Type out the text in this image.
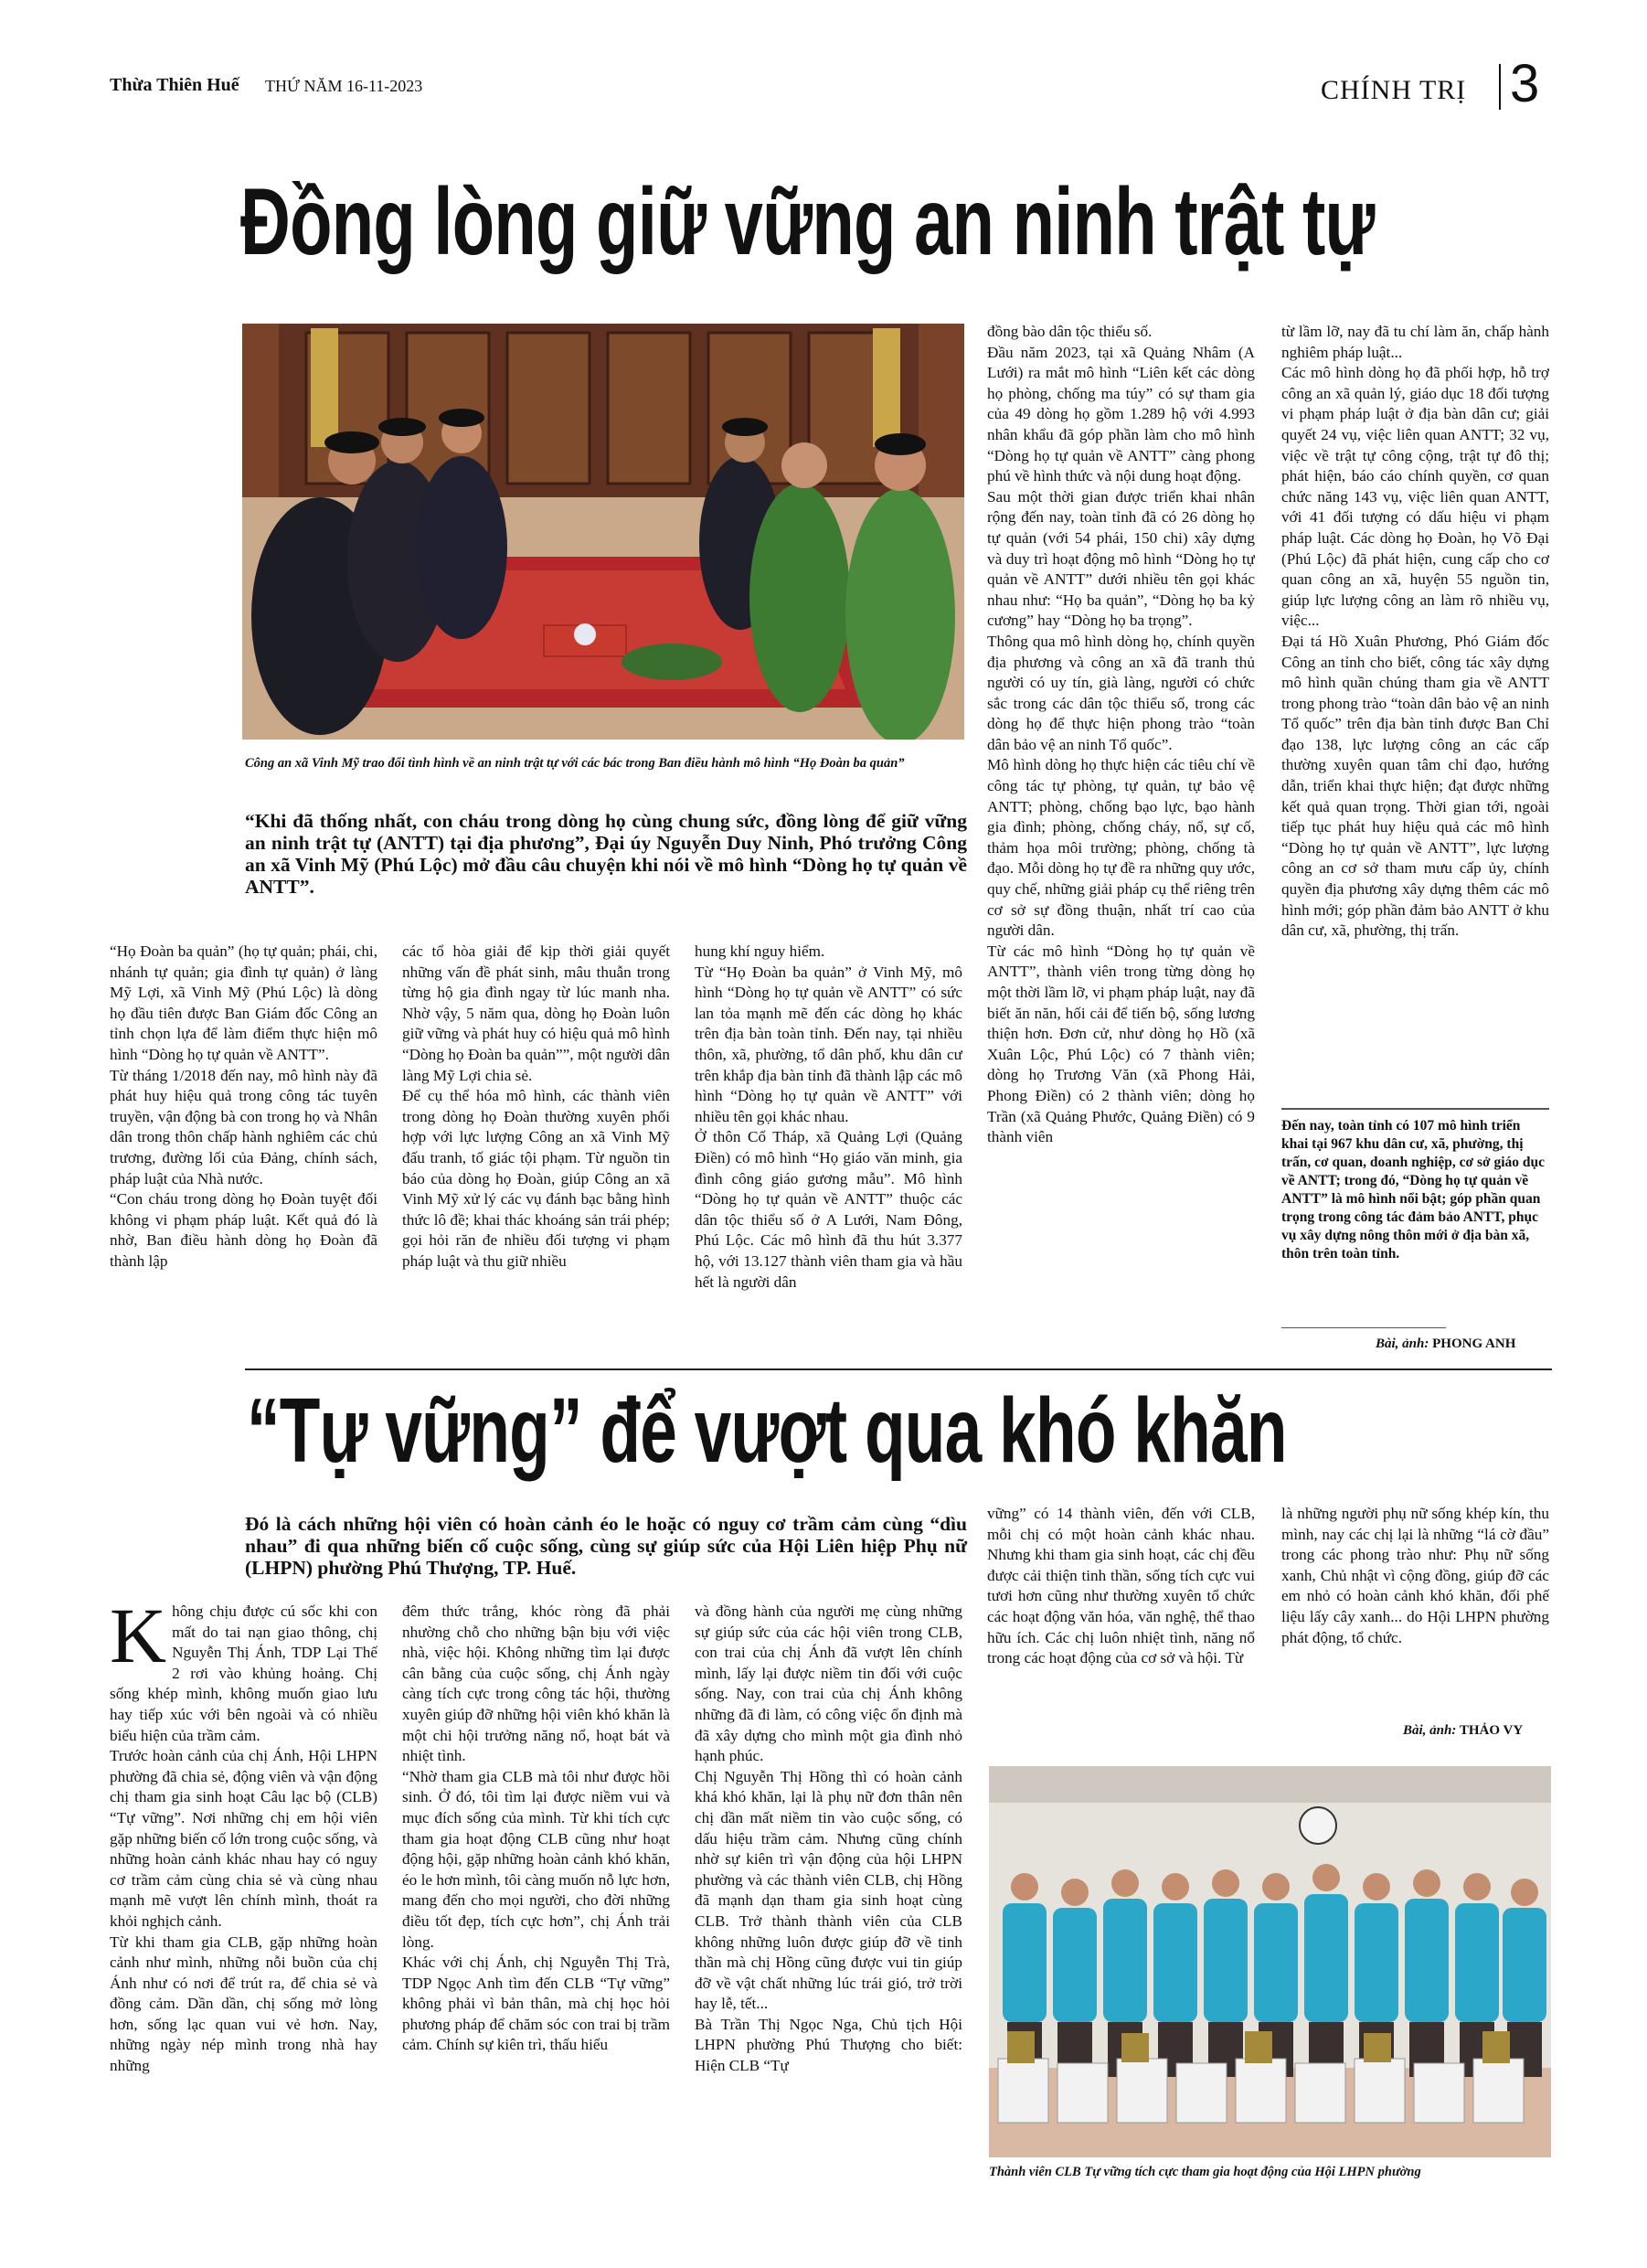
Thừa Thiên Huế THỨ NĂM 16-11-2023	CHÍNH TRỊ 3
Đồng lòng giữ vững an ninh trật tự
Công an xã Vinh Mỹ trao đổi tình hình về an ninh trật tự với các bác trong Ban điều hành mô hình “Họ Đoàn ba quản”
“Khi đã thống nhất, con cháu trong dòng họ cùng chung sức, đồng lòng để giữ vững an ninh trật tự (ANTT) tại địa phương”, Đại úy Nguyễn Duy Ninh, Phó trưởng Công an xã Vinh Mỹ (Phú Lộc) mở đầu câu chuyện khi nói về mô hình “Dòng họ tự quản về ANTT”.
“Họ Đoàn ba quản” (họ tự quản; phái, chi, nhánh tự quản; gia đình tự quản) ở làng Mỹ Lợi, xã Vinh Mỹ (Phú Lộc) là dòng họ đầu tiên được Ban Giám đốc Công an tỉnh chọn lựa để làm điểm thực hiện mô hình “Dòng họ tự quản về ANTT”.
Từ tháng 1/2018 đến nay, mô hình này đã phát huy hiệu quả trong công tác tuyên truyền, vận động bà con trong họ và Nhân dân trong thôn chấp hành nghiêm các chủ trương, đường lối của Đảng, chính sách, pháp luật của Nhà nước.
“Con cháu trong dòng họ Đoàn tuyệt đối không vi phạm pháp luật. Kết quả đó là nhờ, Ban điều hành dòng họ Đoàn đã thành lập
các tổ hòa giải để kịp thời giải quyết những vấn đề phát sinh, mâu thuẫn trong từng hộ gia đình ngay từ lúc manh nha. Nhờ vậy, 5 năm qua, dòng họ Đoàn luôn giữ vững và phát huy có hiệu quả mô hình “Dòng họ Đoàn ba quản””, một người dân làng Mỹ Lợi chia sẻ.
Để cụ thể hóa mô hình, các thành viên trong dòng họ Đoàn thường xuyên phối hợp với lực lượng Công an xã Vinh Mỹ đấu tranh, tố giác tội phạm. Từ nguồn tin báo của dòng họ Đoàn, giúp Công an xã Vinh Mỹ xử lý các vụ đánh bạc bằng hình thức lô đề; khai thác khoáng sản trái phép; gọi hỏi răn đe nhiều đối tượng vi phạm pháp luật và thu giữ nhiều
hung khí nguy hiểm.
Từ “Họ Đoàn ba quản” ở Vinh Mỹ, mô hình “Dòng họ tự quản về ANTT” có sức lan tỏa mạnh mẽ đến các dòng họ khác trên địa bàn toàn tỉnh. Đến nay, tại nhiều thôn, xã, phường, tổ dân phố, khu dân cư trên khắp địa bàn tỉnh đã thành lập các mô hình “Dòng họ tự quản về ANTT” với nhiều tên gọi khác nhau.
Ở thôn Cổ Tháp, xã Quảng Lợi (Quảng Điền) có mô hình “Họ giáo văn minh, gia đình công giáo gương mẫu”. Mô hình “Dòng họ tự quản về ANTT” thuộc các dân tộc thiểu số ở A Lưới, Nam Đông, Phú Lộc. Các mô hình đã thu hút 3.377 hộ, với 13.127 thành viên tham gia và hầu hết là người dân
đồng bào dân tộc thiểu số.
Đầu năm 2023, tại xã Quảng Nhâm (A Lưới) ra mắt mô hình “Liên kết các dòng họ phòng, chống ma túy” có sự tham gia của 49 dòng họ gồm 1.289 hộ với 4.993 nhân khẩu đã góp phần làm cho mô hình “Dòng họ tự quản về ANTT” càng phong phú về hình thức và nội dung hoạt động.
Sau một thời gian được triển khai nhân rộng đến nay, toàn tỉnh đã có 26 dòng họ tự quản (với 54 phái, 150 chi) xây dựng và duy trì hoạt động mô hình “Dòng họ tự quản về ANTT” dưới nhiều tên gọi khác nhau như: “Họ ba quản”, “Dòng họ ba kỷ cương” hay “Dòng họ ba trọng”.
Thông qua mô hình dòng họ, chính quyền địa phương và công an xã đã tranh thủ người có uy tín, già làng, người có chức sắc trong các dân tộc thiểu số, trong các dòng họ để thực hiện phong trào “toàn dân bảo vệ an ninh Tổ quốc”.
Mô hình dòng họ thực hiện các tiêu chí về công tác tự phòng, tự quản, tự bảo vệ ANTT; phòng, chống bạo lực, bạo hành gia đình; phòng, chống cháy, nổ, sự cố, thảm họa môi trường; phòng, chống tà đạo. Mỗi dòng họ tự đề ra những quy ước, quy chế, những giải pháp cụ thể riêng trên cơ sở sự đồng thuận, nhất trí cao của người dân.
Từ các mô hình “Dòng họ tự quản về ANTT”, thành viên trong từng dòng họ một thời lầm lỡ, vi phạm pháp luật, nay đã biết ăn năn, hối cải để tiến bộ, sống lương thiện hơn. Đơn cử, như dòng họ Hồ (xã Xuân Lộc, Phú Lộc) có 7 thành viên; dòng họ Trương Văn (xã Phong Hải, Phong Điền) có 2 thành viên; dòng họ Trần (xã Quảng Phước, Quảng Điền) có 9 thành viên
từ lầm lỡ, nay đã tu chí làm ăn, chấp hành nghiêm pháp luật...
Các mô hình dòng họ đã phối hợp, hỗ trợ công an xã quản lý, giáo dục 18 đối tượng vi phạm pháp luật ở địa bàn dân cư; giải quyết 24 vụ, việc liên quan ANTT; 32 vụ, việc về trật tự công cộng, trật tự đô thị; phát hiện, báo cáo chính quyền, cơ quan chức năng 143 vụ, việc liên quan ANTT, với 41 đối tượng có dấu hiệu vi phạm pháp luật. Các dòng họ Đoàn, họ Võ Đại (Phú Lộc) đã phát hiện, cung cấp cho cơ quan công an xã, huyện 55 nguồn tin, giúp lực lượng công an làm rõ nhiều vụ, việc...
Đại tá Hồ Xuân Phương, Phó Giám đốc Công an tỉnh cho biết, công tác xây dựng mô hình quần chúng tham gia về ANTT trong phong trào “toàn dân bảo vệ an ninh Tổ quốc” trên địa bàn tỉnh được Ban Chỉ đạo 138, lực lượng công an các cấp thường xuyên quan tâm chỉ đạo, hướng dẫn, triển khai thực hiện; đạt được những kết quả quan trọng. Thời gian tới, ngoài tiếp tục phát huy hiệu quả các mô hình “Dòng họ tự quản về ANTT”, lực lượng công an cơ sở tham mưu cấp ủy, chính quyền địa phương xây dựng thêm các mô hình mới; góp phần đảm bảo ANTT ở khu dân cư, xã, phường, thị trấn.
Đến nay, toàn tỉnh có 107 mô hình triển khai tại 967 khu dân cư, xã, phường, thị trấn, cơ quan, doanh nghiệp, cơ sở giáo dục về ANTT; trong đó, “Dòng họ tự quản về ANTT” là mô hình nổi bật; góp phần quan trọng trong công tác đảm bảo ANTT, phục vụ xây dựng nông thôn mới ở địa bàn xã, thôn trên toàn tỉnh.
Bài, ảnh: PHONG ANH
“Tự vững” để vượt qua khó khăn
Đó là cách những hội viên có hoàn cảnh éo le hoặc có nguy cơ trầm cảm cùng “dìu nhau” đi qua những biến cố cuộc sống, cùng sự giúp sức của Hội Liên hiệp Phụ nữ (LHPN) phường Phú Thượng, TP. Huế.
Không chịu được cú sốc khi con mất do tai nạn giao thông, chị Nguyễn Thị Ánh, TDP Lại Thế 2 rơi vào khủng hoảng. Chị sống khép mình, không muốn giao lưu hay tiếp xúc với bên ngoài và có nhiều biểu hiện của trầm cảm.
Trước hoàn cảnh của chị Ánh, Hội LHPN phường đã chia sẻ, động viên và vận động chị tham gia sinh hoạt Câu lạc bộ (CLB) “Tự vững”. Nơi những chị em hội viên gặp những biến cố lớn trong cuộc sống, và những hoàn cảnh khác nhau hay có nguy cơ trầm cảm cùng chia sẻ và cùng nhau mạnh mẽ vượt lên chính mình, thoát ra khỏi nghịch cảnh.
Từ khi tham gia CLB, gặp những hoàn cảnh như mình, những nỗi buồn của chị Ánh như có nơi để trút ra, để chia sẻ và đồng cảm. Dần dần, chị sống mở lòng hơn, sống lạc quan vui vẻ hơn. Nay, những ngày nép mình trong nhà hay những
đêm thức trắng, khóc ròng đã phải nhường chỗ cho những bận bịu với việc nhà, việc hội. Không những tìm lại được cân bằng của cuộc sống, chị Ánh ngày càng tích cực trong công tác hội, thường xuyên giúp đỡ những hội viên khó khăn là một chi hội trưởng năng nổ, hoạt bát và nhiệt tình.
“Nhờ tham gia CLB mà tôi như được hồi sinh. Ở đó, tôi tìm lại được niềm vui và mục đích sống của mình. Từ khi tích cực tham gia hoạt động CLB cũng như hoạt động hội, gặp những hoàn cảnh khó khăn, éo le hơn mình, tôi càng muốn nỗ lực hơn, mang đến cho mọi người, cho đời những điều tốt đẹp, tích cực hơn”, chị Ánh trải lòng.
Khác với chị Ánh, chị Nguyễn Thị Trà, TDP Ngọc Anh tìm đến CLB “Tự vững” không phải vì bản thân, mà chị học hỏi phương pháp để chăm sóc con trai bị trầm cảm. Chính sự kiên trì, thấu hiểu
và đồng hành của người mẹ cùng những sự giúp sức của các hội viên trong CLB, con trai của chị Ánh đã vượt lên chính mình, lấy lại được niềm tin đối với cuộc sống. Nay, con trai của chị Ánh không những đã đi làm, có công việc ổn định mà đã xây dựng cho mình một gia đình nhỏ hạnh phúc.
Chị Nguyễn Thị Hồng thì có hoàn cảnh khá khó khăn, lại là phụ nữ đơn thân nên chị dần mất niềm tin vào cuộc sống, có dấu hiệu trầm cảm. Nhưng cũng chính nhờ sự kiên trì vận động của hội LHPN phường và các thành viên CLB, chị Hồng đã mạnh dạn tham gia sinh hoạt cùng CLB. Trở thành thành viên của CLB không những luôn được giúp đỡ về tinh thần mà chị Hồng cũng được vui tin giúp đỡ về vật chất những lúc trái gió, trở trời hay lễ, tết...
Bà Trần Thị Ngọc Nga, Chủ tịch Hội LHPN phường Phú Thượng cho biết: Hiện CLB “Tự
vững” có 14 thành viên, đến với CLB, mỗi chị có một hoàn cảnh khác nhau. Nhưng khi tham gia sinh hoạt, các chị đều được cải thiện tinh thần, sống tích cực vui tươi hơn cũng như thường xuyên tổ chức các hoạt động văn hóa, văn nghệ, thể thao hữu ích. Các chị luôn nhiệt tình, năng nổ trong các hoạt động của cơ sở và hội. Từ
là những người phụ nữ sống khép kín, thu mình, nay các chị lại là những “lá cờ đầu” trong các phong trào như: Phụ nữ sống xanh, Chủ nhật vì cộng đồng, giúp đỡ các em nhỏ có hoàn cảnh khó khăn, đối phế liệu lấy cây xanh... do Hội LHPN phường phát động, tổ chức.
Bài, ảnh: THẢO VY
Thành viên CLB Tự vững tích cực tham gia hoạt động của Hội LHPN phường
